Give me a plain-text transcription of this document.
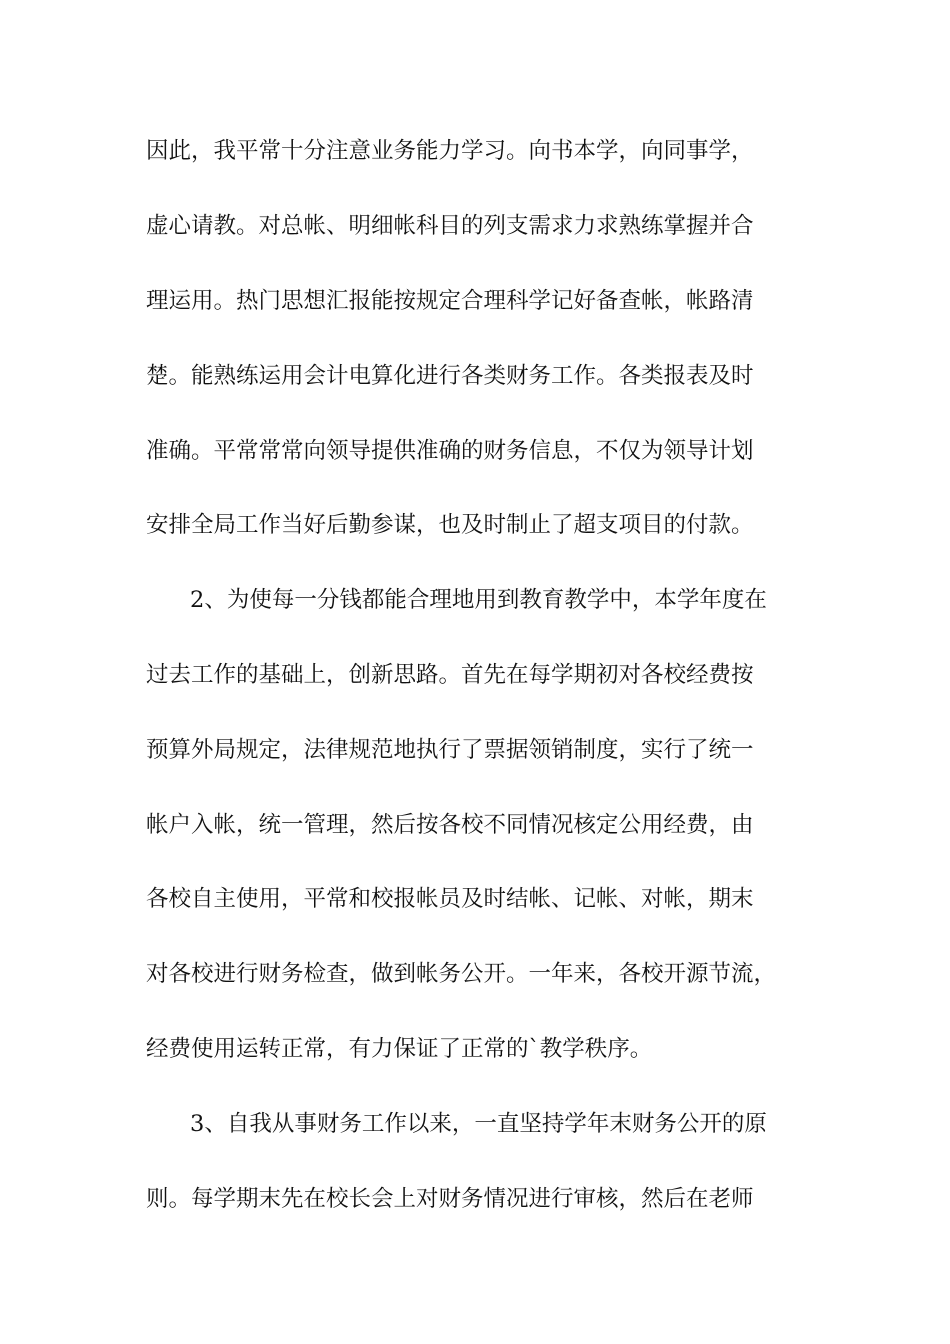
因此，我平常十分注意业务能力学习。向书本学，向同事学，
虚心请教。对总帐、明细帐科目的列支需求力求熟练掌握并合
理运用。热门思想汇报能按规定合理科学记好备查帐，帐路清
楚。能熟练运用会计电算化进行各类财务工作。各类报表及时
准确。平常常常向领导提供准确的财务信息，不仅为领导计划
安排全局工作当好后勤参谋，也及时制止了超支项目的付款。
2、为使每一分钱都能合理地用到教育教学中，本学年度在
过去工作的基础上，创新思路。首先在每学期初对各校经费按
预算外局规定，法律规范地执行了票据领销制度，实行了统一
帐户入帐，统一管理，然后按各校不同情况核定公用经费，由
各校自主使用，平常和校报帐员及时结帐、记帐、对帐，期末
对各校进行财务检查，做到帐务公开。一年来，各校开源节流，
经费使用运转正常，有力保证了正常的`教学秩序。
3、自我从事财务工作以来，一直坚持学年末财务公开的原
则。每学期末先在校长会上对财务情况进行审核，然后在老师
